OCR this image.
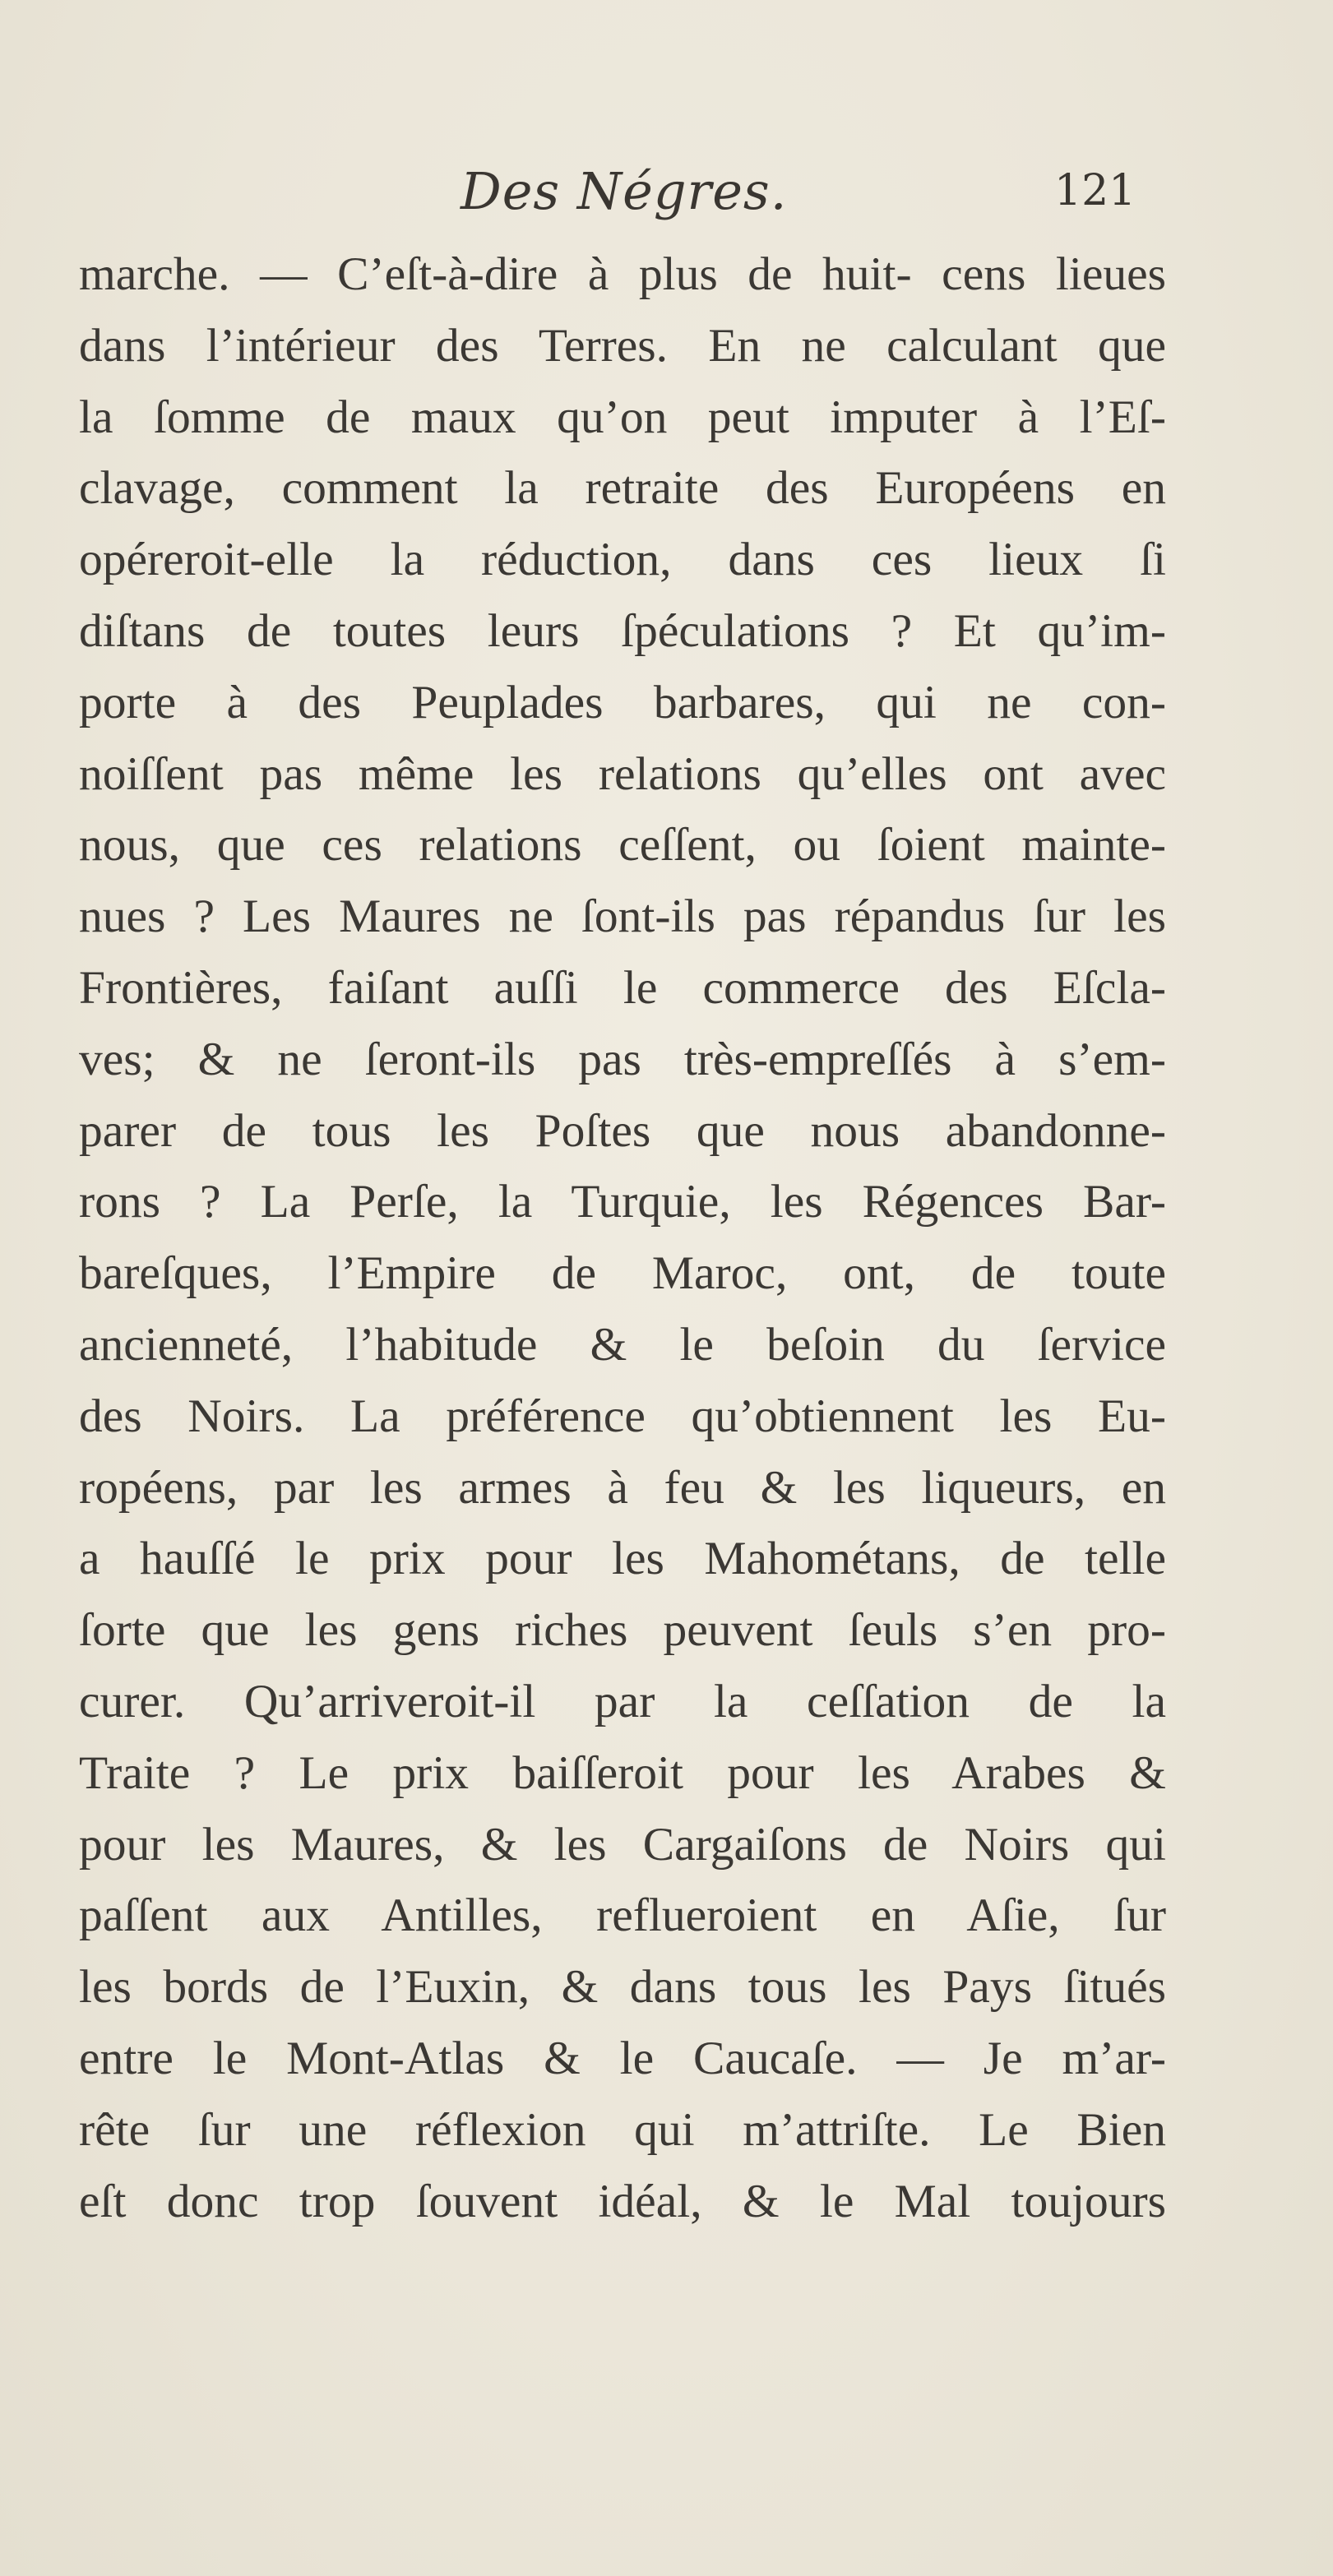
Des Négres.	121
marche. — C’eſt-à-dire à plus de huit- cens lieues
dans l’intérieur des Terres. En ne calculant que
la ſomme de maux qu’on peut imputer à l’Eſ-
clavage, comment la retraite des Européens en
opéreroit-elle la réduction, dans ces lieux ſi
diſtans de toutes leurs ſpéculations ? Et qu’im-
porte à des Peuplades barbares, qui ne con-
noiſſent pas même les relations qu’elles ont avec
nous, que ces relations ceſſent, ou ſoient mainte-
nues ? Les Maures ne ſont-ils pas répandus ſur les
Frontières, faiſant auſſi le commerce des Eſcla-
ves; & ne ſeront-ils pas très-empreſſés à s’em-
parer de tous les Poſtes que nous abandonne-
rons ? La Perſe, la Turquie, les Régences Bar-
bareſques, l’Empire de Maroc, ont, de toute
ancienneté, l’habitude & le beſoin du ſervice
des Noirs. La préférence qu’obtiennent les Eu-
ropéens, par les armes à feu & les liqueurs, en
a hauſſé le prix pour les Mahométans, de telle
ſorte que les gens riches peuvent ſeuls s’en pro-
curer. Qu’arriveroit-il par la ceſſation de la
Traite ? Le prix baiſſeroit pour les Arabes &
pour les Maures, & les Cargaiſons de Noirs qui
paſſent aux Antilles, reflueroient en Aſie, ſur
les bords de l’Euxin, & dans tous les Pays ſitués
entre le Mont-Atlas & le Caucaſe. — Je m’ar-
rête ſur une réflexion qui m’attriſte. Le Bien
eſt donc trop ſouvent idéal, & le Mal toujours
